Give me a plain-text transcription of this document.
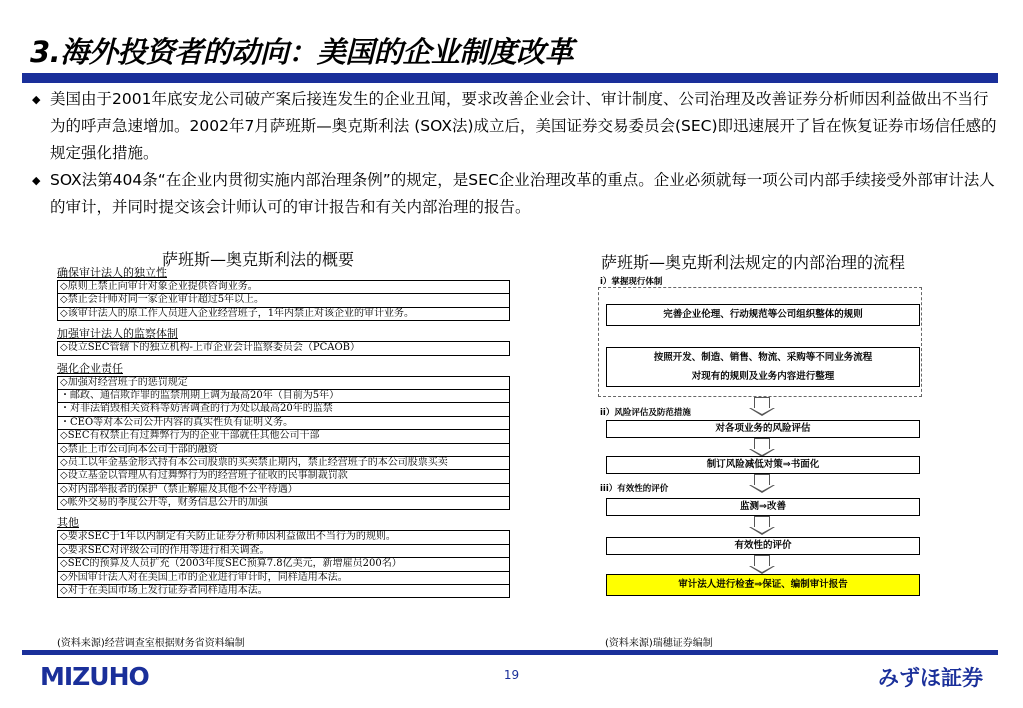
3.海外投资者的动向：美国的企业制度改革
◆ 美国由于2001年底安龙公司破产案后接连发生的企业丑闻，要求改善企业会计、审计制度、公司治理及改善证券分析师因利益做出不当行为的呼声急速增加。2002年7月萨班斯—奥克斯利法 (SOX法)成立后，美国证券交易委员会(SEC)即迅速展开了旨在恢复证券市场信任感的规定强化措施。
◆ SOX法第404条“在企业内贯彻实施内部治理条例”的规定，是SEC企业治理改革的重点。企业必须就每一项公司内部手续接受外部审计法人的审计，并同时提交该会计师认可的审计报告和有关内部治理的报告。
萨班斯—奥克斯利法的概要
确保审计法人的独立性
◇原则上禁止向审计对象企业提供咨询业务。
◇禁止会计师对同一家企业审计超过5年以上。
◇该审计法人的原工作人员进入企业经营班子，1年内禁止对该企业的审计业务。
加强审计法人的监察体制
◇设立SEC管辖下的独立机构-上市企业会计监察委员会（PCAOB）
强化企业责任
◇加强对经营班子的惩罚规定
・邮政、通信欺诈罪的监禁刑期上调为最高20年（目前为5年）
・对非法销毁相关资料等妨害调查的行为处以最高20年的监禁
・CEO等对本公司公开内容的真实性负有证明义务。
◇SEC有权禁止有过舞弊行为的企业干部就任其他公司干部
◇禁止上市公司向本公司干部的融资
◇员工以年金基金形式持有本公司股票的买卖禁止期内，禁止经营班子的本公司股票买卖
◇设立基金以管理从有过舞弊行为的经营班子征收的民事制裁罚款
◇对内部举报者的保护（禁止解雇及其他不公平待遇）
◇帐外交易的季度公开等，财务信息公开的加强
其他
◇要求SEC于1年以内制定有关防止证券分析师因利益做出不当行为的规则。
◇要求SEC对评级公司的作用等进行相关调查。
◇SEC的预算及人员扩充（2003年度SEC预算7.8亿美元，新增雇员200名）
◇外国审计法人对在美国上市的企业进行审计时，同样适用本法。
◇对于在美国市场上发行证券者同样适用本法。
(资料来源)经营调查室根据财务省资料编制
萨班斯—奥克斯利法规定的内部治理的流程
i）掌握现行体制
完善企业伦理、行动规范等公司组织整体的规则
按照开发、制造、销售、物流、采购等不同业务流程
对现有的规则及业务内容进行整理
ii）风险评估及防范措施
对各项业务的风险评估
制订风险减低对策⇒书面化
iii）有效性的评价
监测⇒改善
有效性的评价
审计法人进行检查⇒保证、编制审计报告
(资料来源)瑞穗证券编制
MIZUHO	19	みずほ証券
